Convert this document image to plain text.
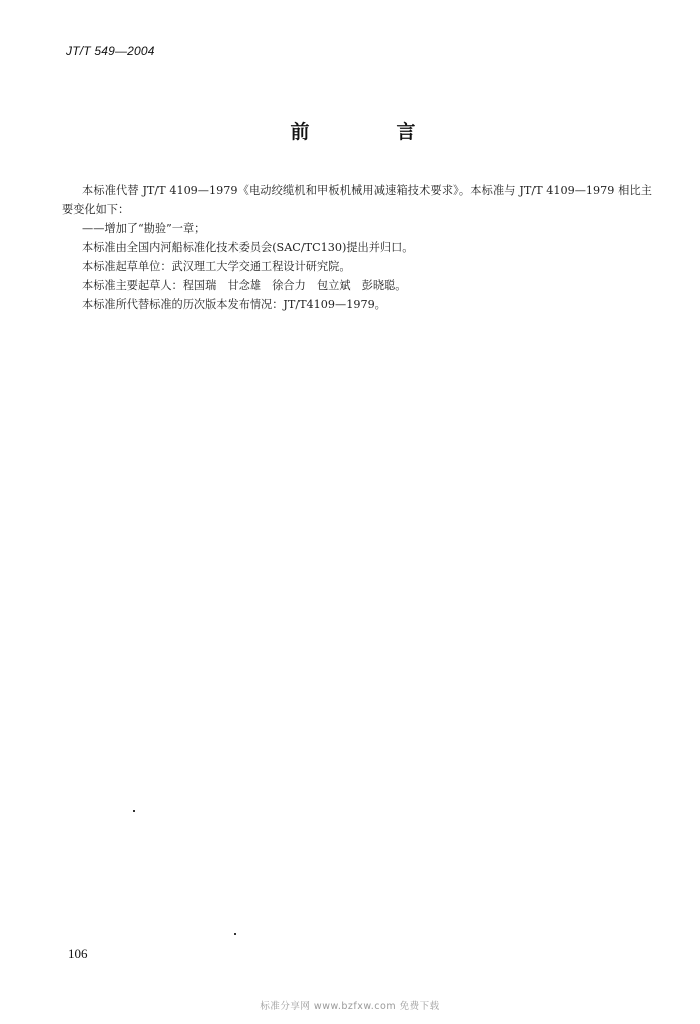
JT/T 549—2004
前　言

本标准代替 JT/T 4109—1979《电动绞缆机和甲板机械用减速箱技术要求》。本标准与 JT/T 4109—1979 相比主要变化如下：

——增加了“勘验”一章；

本标准由全国内河船标准化技术委员会(SAC/TC130)提出并归口。

本标准起草单位：武汉理工大学交通工程设计研究院。

本标准主要起草人：程国瑞　甘念雄　徐合力　包立斌　彭晓聪。

本标准所代替标准的历次版本发布情况：JT/T4109—1979。

106
标准分享网 www.bzfxw.com 免费下载
